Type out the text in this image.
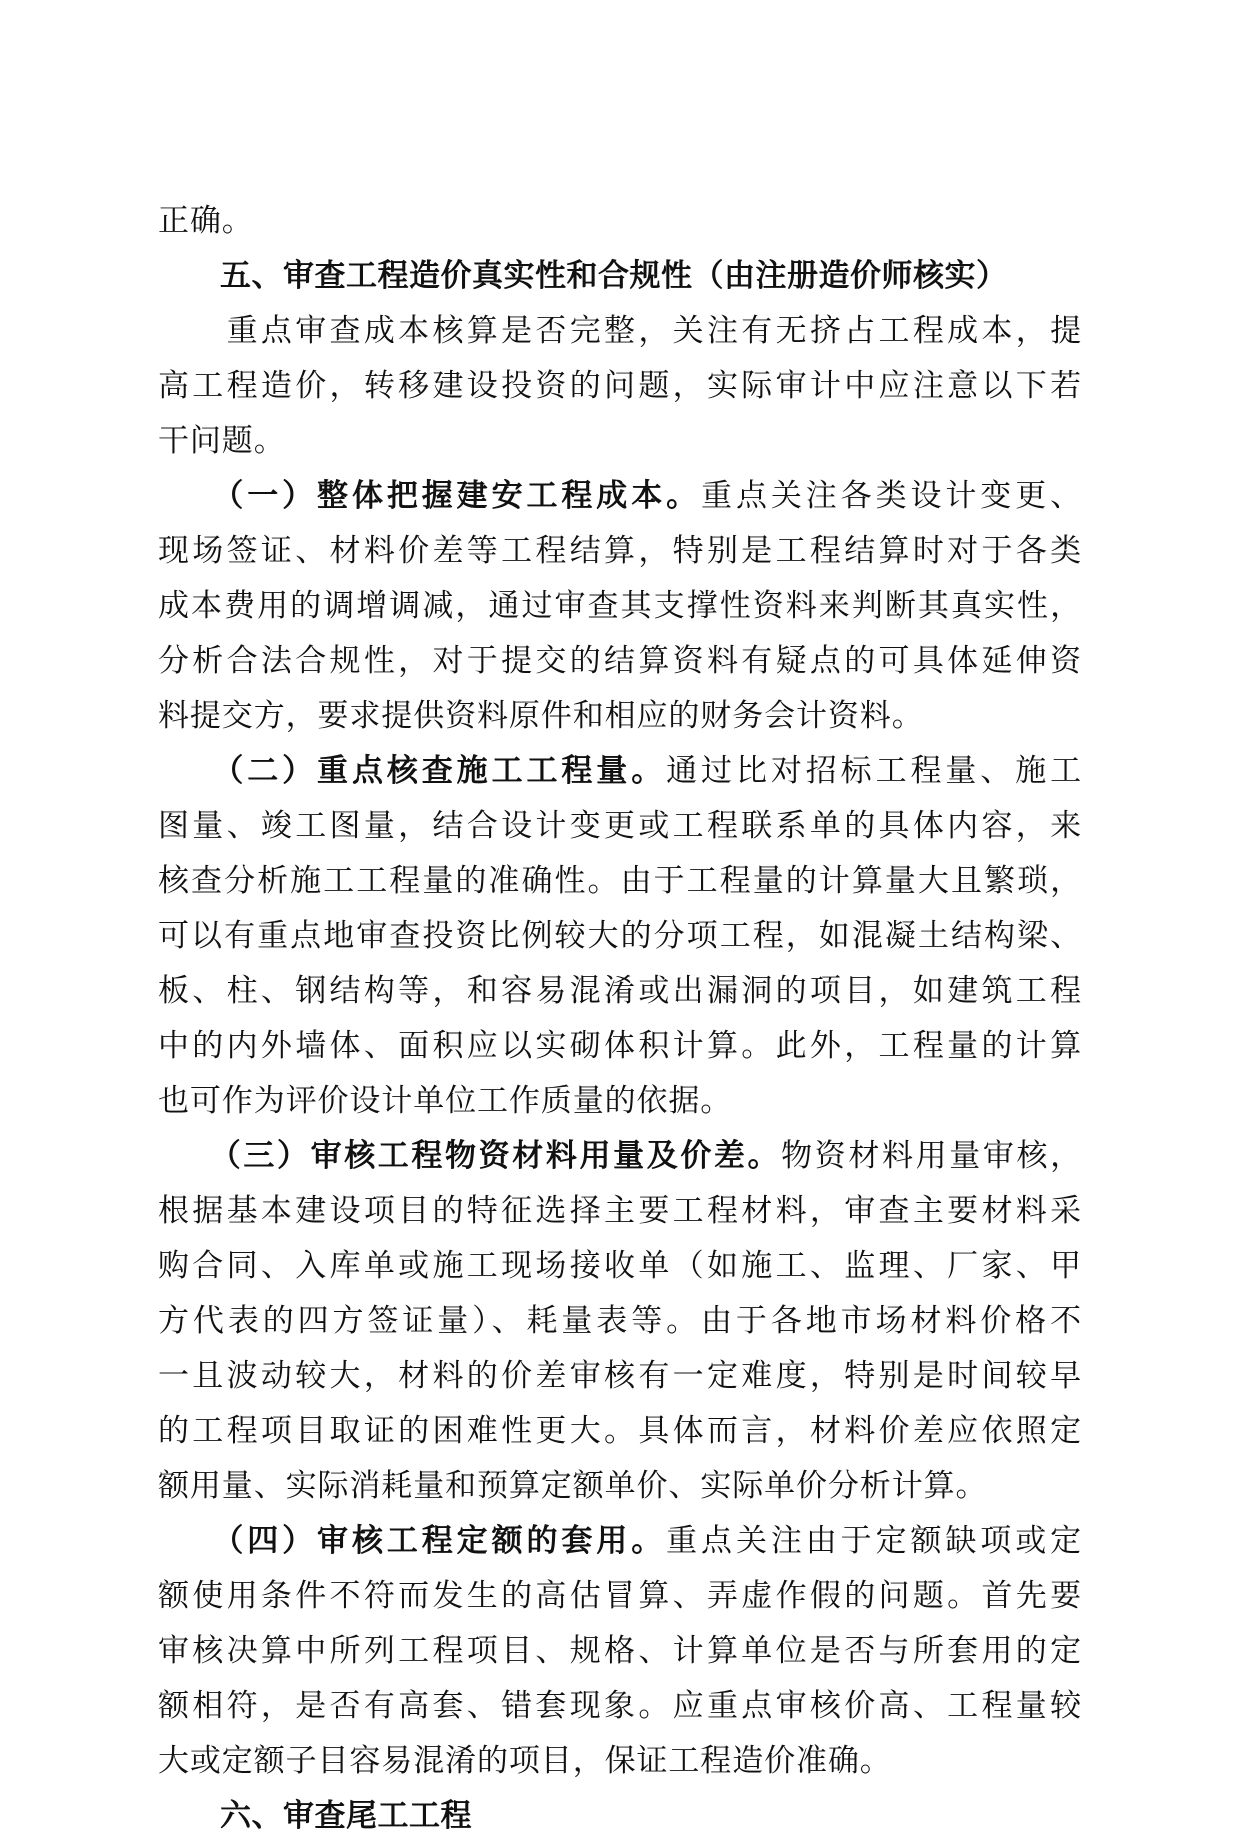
正确。
五、审查工程造价真实性和合规性（由注册造价师核实）
　　重点审查成本核算是否完整，关注有无挤占工程成本，提
高工程造价，转移建设投资的问题，实际审计中应注意以下若
干问题。
　　（一）整体把握建安工程成本。重点关注各类设计变更、
现场签证、材料价差等工程结算，特别是工程结算时对于各类
成本费用的调增调减，通过审查其支撑性资料来判断其真实性，
分析合法合规性，对于提交的结算资料有疑点的可具体延伸资
料提交方，要求提供资料原件和相应的财务会计资料。
　　（二）重点核查施工工程量。通过比对招标工程量、施工
图量、竣工图量，结合设计变更或工程联系单的具体内容，来
核查分析施工工程量的准确性。由于工程量的计算量大且繁琐，
可以有重点地审查投资比例较大的分项工程，如混凝土结构梁、
板、柱、钢结构等，和容易混淆或出漏洞的项目，如建筑工程
中的内外墙体、面积应以实砌体积计算。此外，工程量的计算
也可作为评价设计单位工作质量的依据。
　　（三）审核工程物资材料用量及价差。物资材料用量审核，
根据基本建设项目的特征选择主要工程材料，审查主要材料采
购合同、入库单或施工现场接收单（如施工、监理、厂家、甲
方代表的四方签证量）、耗量表等。由于各地市场材料价格不
一且波动较大，材料的价差审核有一定难度，特别是时间较早
的工程项目取证的困难性更大。具体而言，材料价差应依照定
额用量、实际消耗量和预算定额单价、实际单价分析计算。
　　（四）审核工程定额的套用。重点关注由于定额缺项或定
额使用条件不符而发生的高估冒算、弄虚作假的问题。首先要
审核决算中所列工程项目、规格、计算单位是否与所套用的定
额相符，是否有高套、错套现象。应重点审核价高、工程量较
大或定额子目容易混淆的项目，保证工程造价准确。
六、审查尾工工程
